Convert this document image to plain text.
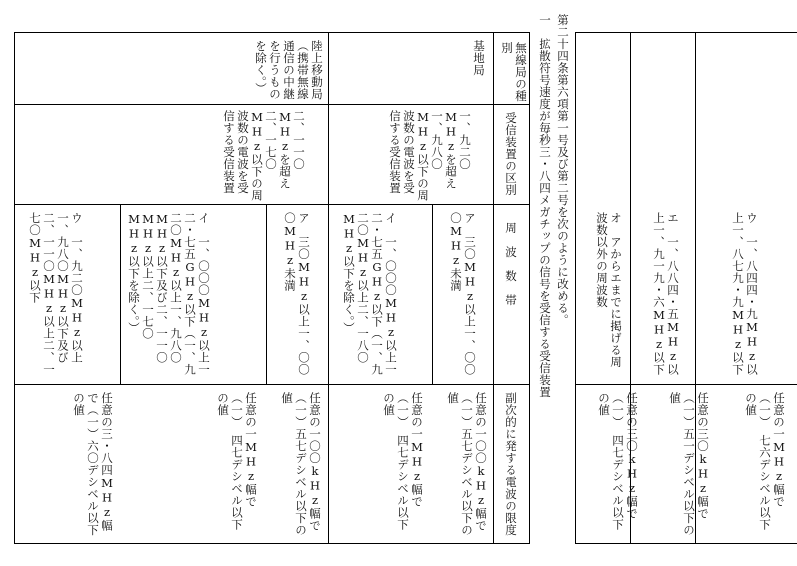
第二十四条第六項第一号及び第二号を次のように改める。
一　拡散符号速度が毎秒三・八四メガチップの信号を受信する受信装置	ウ　一、八四四・九MHz以上一、八七九・九MHz以下
エ　一、八八四・五MHz以上一、九一九・六MHz以下
オ　アからエまでに掲げる周波数以外の周波数
任意の一MHz幅で（一）　七六デシベル以下の値
任意の三〇kHz幅で（一）五一デシベル以下の値
任意の三〇kHz幅で（一）　四七デシベル以下の値
無線局の種別
受信装置の区別
周　波　数　帯
副次的に発する電波の限度
基地局
一、九二〇MHzを超え一、九八〇MHz以下の周波数の電波を受信する受信装置
ア　三〇MHz以上一、〇〇〇MHz未満
イ　一、〇〇〇MHz以上一二・七五GHz以下（一、九二〇MHz以上二、一八〇MHz以下を除く。）
任意の一〇〇kHz幅で（一）五七デシベル以下の値
任意の一MHz幅で（一）　四七デシベル以下の値
陸上移動局（携帯無線通信の中継を行うものを除く。）
二、一一〇MHzを超え二、一七〇MHz以下の周波数の電波を受信する受信装置
ア　三〇MHz以上一、〇〇〇MHz未満
イ　一、〇〇〇MHz以上一二・七五GHz以下（一、九二〇MHz以上一、九八〇MHz以下及び二、一一〇MHz以上二、一七〇MHz以下を除く。）
ウ　一、九二〇MHz以上一、九八〇MHz以下及び二、一一〇MHz以上二、一七〇MHz以下
任意の一〇〇kHz幅で（一）五七デシベル以下の値
任意の一MHz幅で（一）　四七デシベル以下の値
任意の三・八四MHz幅で（一）六〇デシベル以下の値
